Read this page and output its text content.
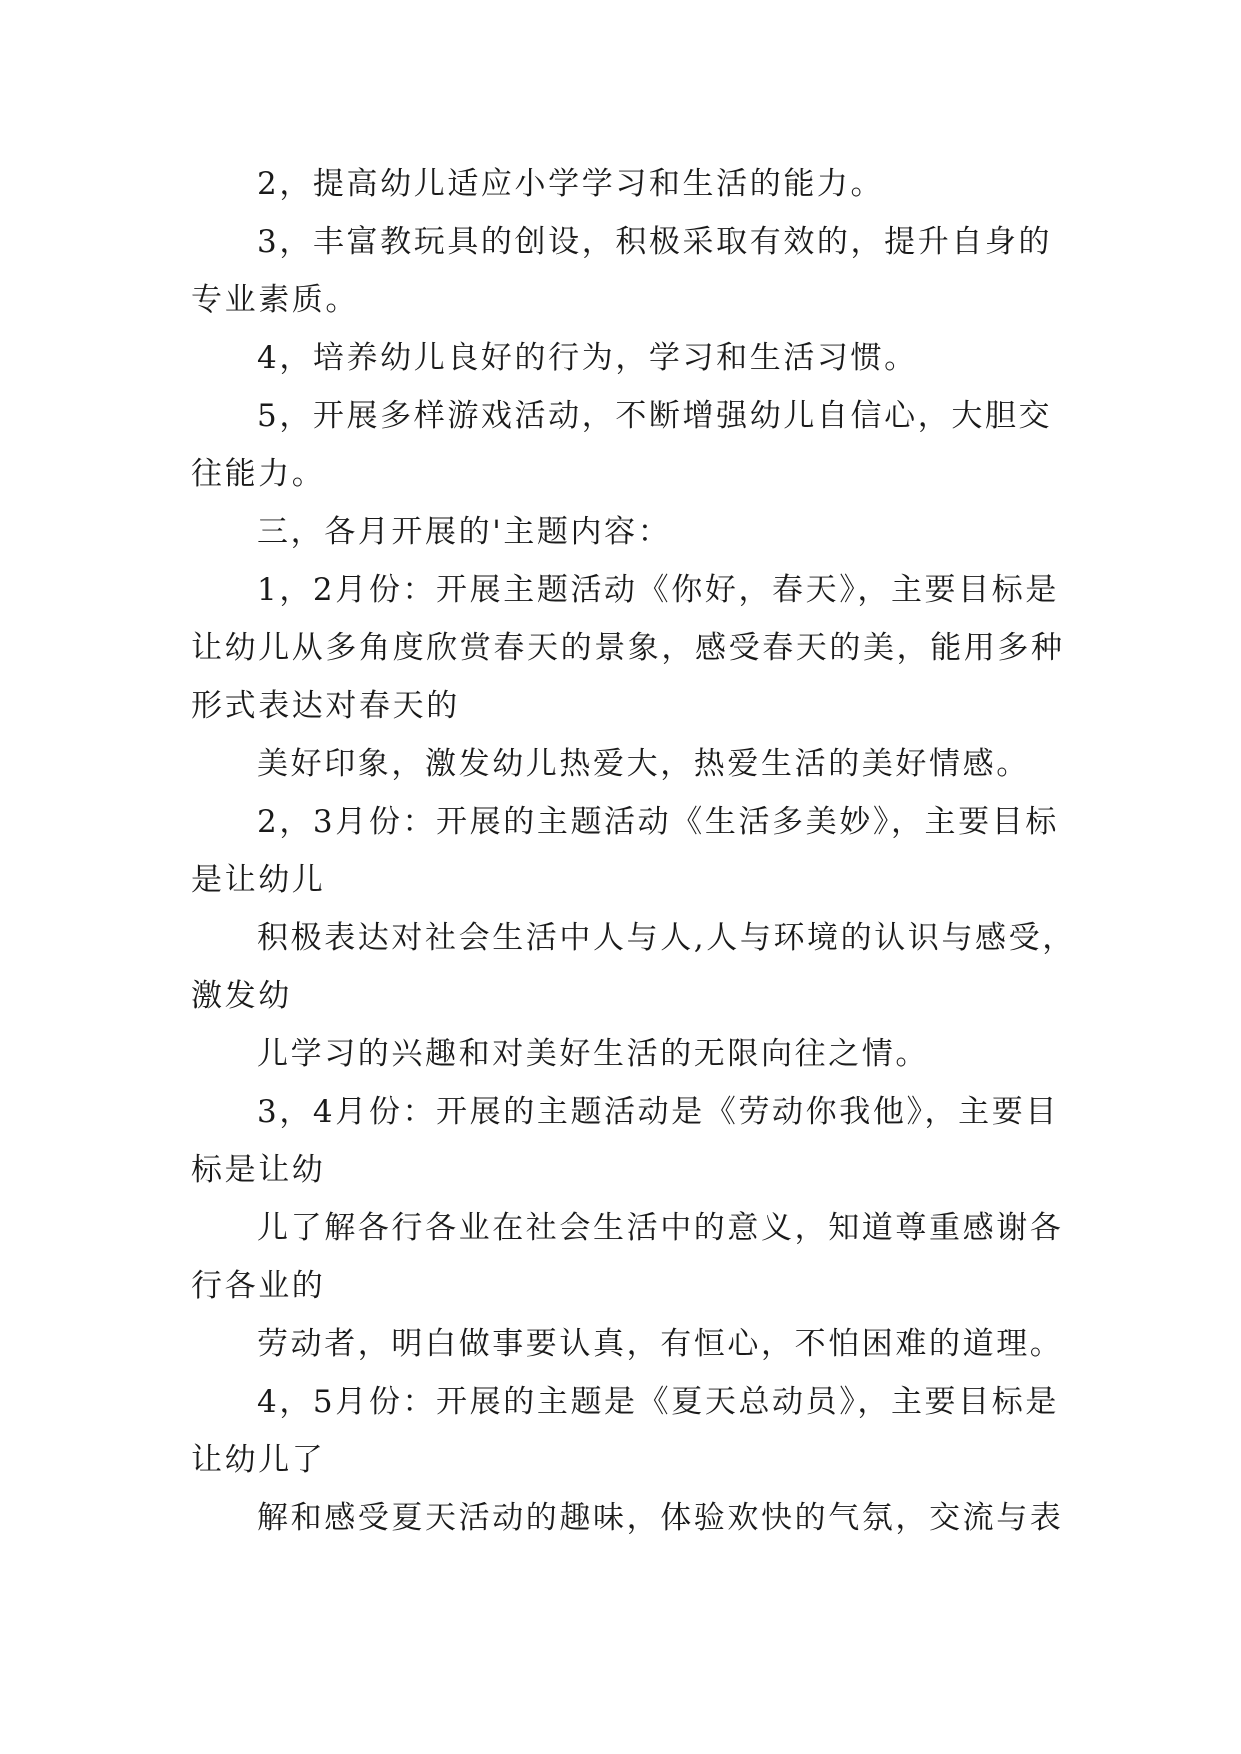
2，提高幼儿适应小学学习和生活的能力。

3，丰富教玩具的创设，积极采取有效的，提升自身的

专业素质。

4，培养幼儿良好的行为，学习和生活习惯。

5，开展多样游戏活动，不断增强幼儿自信心，大胆交

往能力。

三，各月开展的'主题内容：

1，2月份：开展主题活动《你好，春天》，主要目标是

让幼儿从多角度欣赏春天的景象，感受春天的美，能用多种

形式表达对春天的

美好印象，激发幼儿热爱大，热爱生活的美好情感。

2，3月份：开展的主题活动《生活多美妙》，主要目标

是让幼儿

积极表达对社会生活中人与人,人与环境的认识与感受，

激发幼

儿学习的兴趣和对美好生活的无限向往之情。

3，4月份：开展的主题活动是《劳动你我他》，主要目

标是让幼

儿了解各行各业在社会生活中的意义，知道尊重感谢各

行各业的

劳动者，明白做事要认真，有恒心，不怕困难的道理。

4，5月份：开展的主题是《夏天总动员》，主要目标是

让幼儿了

解和感受夏天活动的趣味，体验欢快的气氛，交流与表
